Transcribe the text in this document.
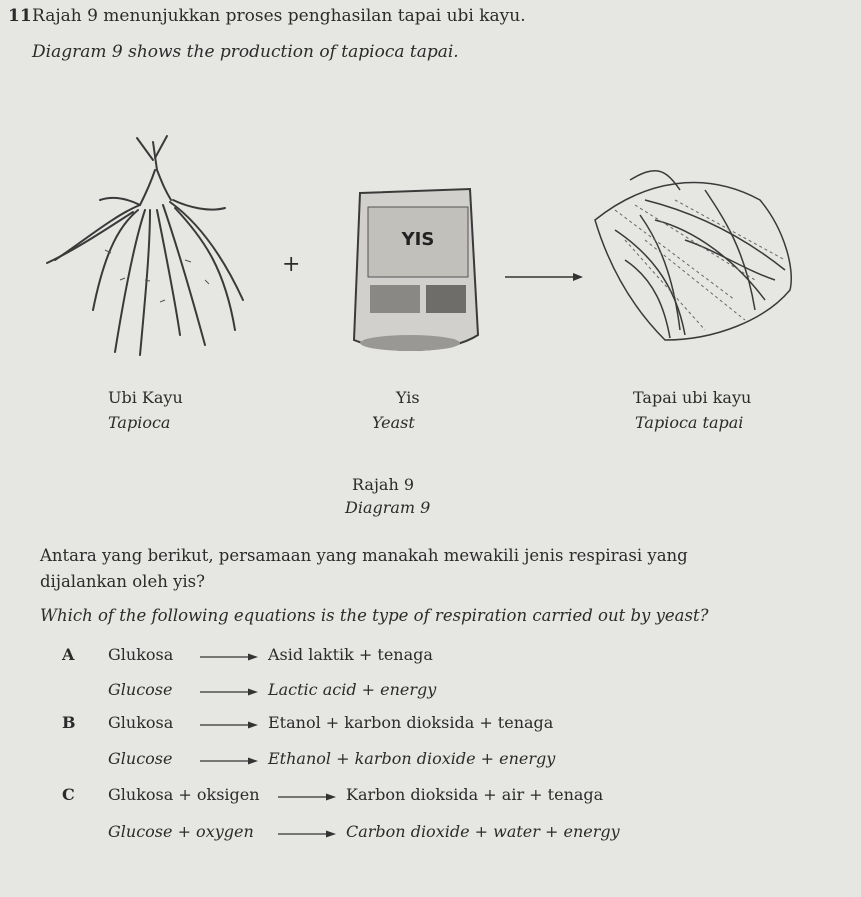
11 Rajah 9 menunjukkan proses penghasilan tapai ubi kayu.
Diagram 9 shows the production of tapioca tapai.
+
YIS
Ubi Kayu
Tapioca
Yis
Yeast
Tapai ubi kayu
Tapioca tapai
Rajah 9
Diagram 9
Antara yang berikut, persamaan yang manakah mewakili jenis respirasi yang
dijalankan oleh yis?
Which of the following equations is the type of respiration carried out by yeast?
A Glukosa	Asid laktik + tenaga
Glucose	Lactic acid + energy
B Glukosa	Etanol + karbon dioksida + tenaga
Glucose	Ethanol + karbon dioxide + energy
C Glukosa + oksigen	Karbon dioksida + air + tenaga
Glucose + oxygen	Carbon dioxide + water + energy
